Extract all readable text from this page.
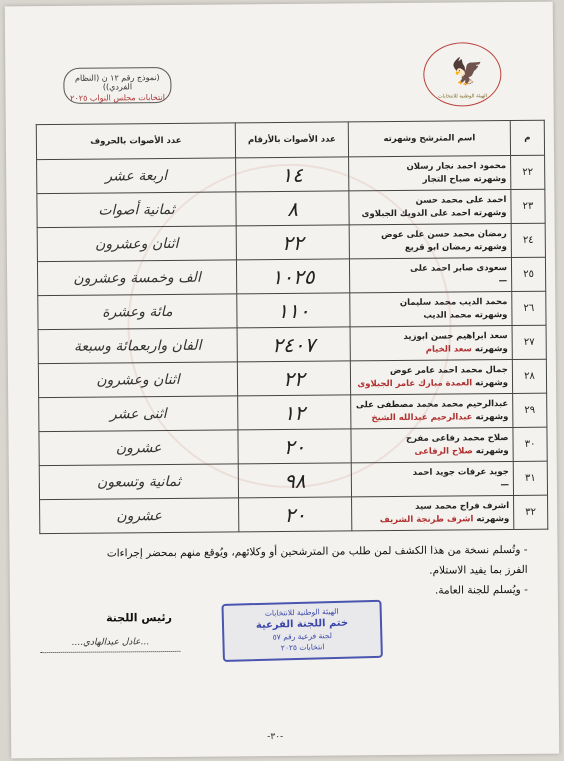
🦅
الهيئة الوطنية للانتخابات
(نموذج رقم ١٢ ن (النظام الفردي))
انتخابات مجلس النواب ٢٠٢٥
م	اسم المترشح وشهرته	عدد الأصوات بالأرقام	عدد الأصوات بالحروف
٢٢	محمود احمد نجار رسلان
وشهرته صباح التجار	١٤	اربعة عشر
٢٣	احمد على محمد حسن
وشهرته احمد على الدويك الجبلاوى	٨	ثمانية أصوات
٢٤	رمضان محمد حسن على عوض
وشهرته رمضان ابو قريع	٢٢	اثنان وعشرون
٢٥	سعودى صابر احمد على
—	١٠٢٥	الف وخمسة وعشرون
٢٦	محمد الديب محمد سليمان
وشهرته محمد الديب	١١٠	مائة وعشرة
٢٧	سعد ابراهيم حسن ابوزيد
وشهرته سعد الخيام	٢٤٠٧	الفان واربعمائة وسبعة
٢٨	جمال محمد احمد عامر عوض
وشهرته العمدة مبارك عامر الجبلاوى	٢٢	اثنان وعشرون
٢٩	عبدالرحيم محمد محمد مصطفى على
وشهرته عبدالرحيم عبدالله الشيخ	١٢	اثنى عشر
٣٠	صلاح محمد رفاعى مفرح
وشهرته صلاح الرفاعى	٢٠	عشرون
٣١	جويد عرفات جويد احمد
—	٩٨	ثمانية وتسعون
٣٢	اشرف فراج محمد سيد
وشهرته اشرف طرنجة الشريف	٢٠	عشرون
- وتُسلم نسخة من هذا الكشف لمن طلب من المترشحين أو وكلائهم، ويُوقع منهم بمحضر إجراءات
الفرز بما يفيد الاستلام.
- ويُسلم للجنة العامة.
رئيس اللجنة
....عادل عبدالهادي...
الهيئة الوطنية للانتخابات
ختم اللجنة الفرعية
لجنة فرعية رقم ٥٧
انتخابات ٢٠٢٥
-٣٠-
